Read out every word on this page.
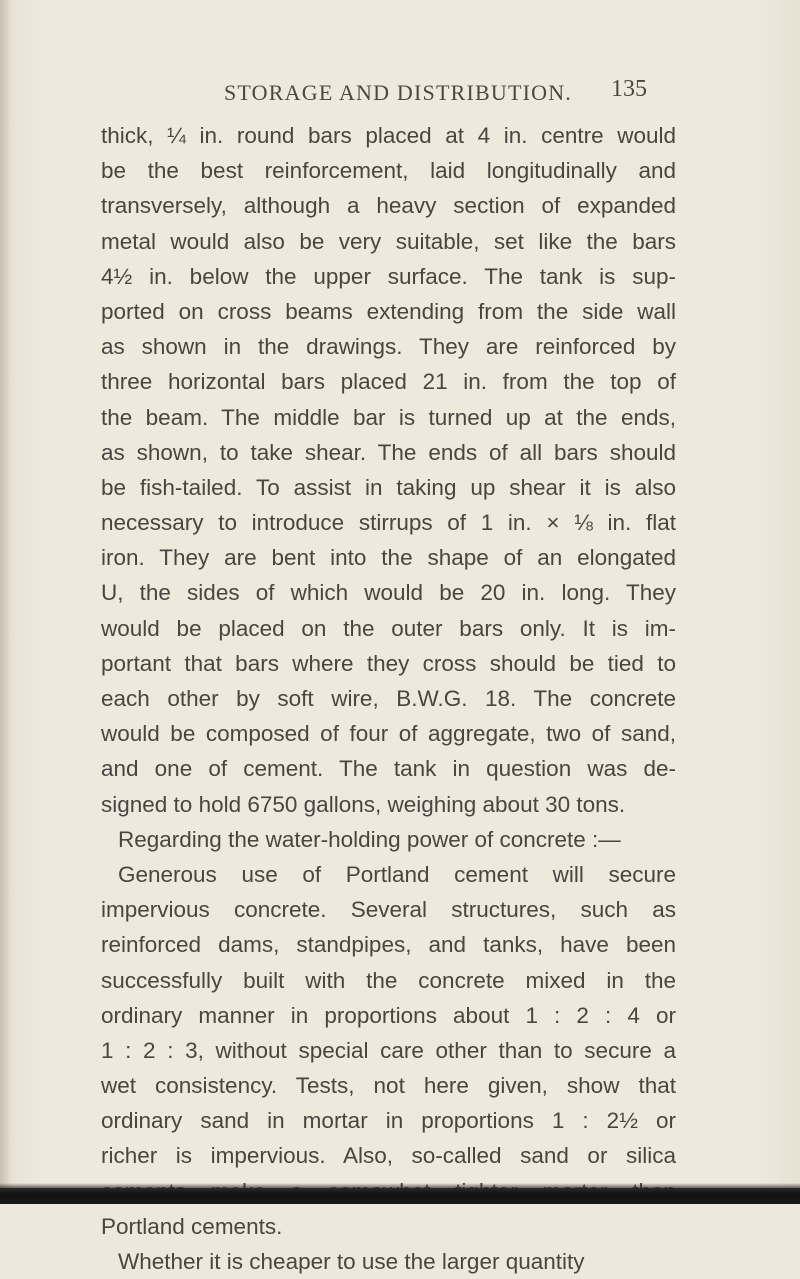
STORAGE AND DISTRIBUTION. 135
thick, ¼ in. round bars placed at 4 in. centre would
be the best reinforcement, laid longitudinally and
transversely, although a heavy section of expanded
metal would also be very suitable, set like the bars
4½ in. below the upper surface. The tank is sup-
ported on cross beams extending from the side wall
as shown in the drawings. They are reinforced by
three horizontal bars placed 21 in. from the top of
the beam. The middle bar is turned up at the ends,
as shown, to take shear. The ends of all bars should
be fish-tailed. To assist in taking up shear it is also
necessary to introduce stirrups of 1 in. × ⅛ in. flat
iron. They are bent into the shape of an elongated
U, the sides of which would be 20 in. long. They
would be placed on the outer bars only. It is im-
portant that bars where they cross should be tied to
each other by soft wire, B.W.G. 18. The concrete
would be composed of four of aggregate, two of sand,
and one of cement. The tank in question was de-
signed to hold 6750 gallons, weighing about 30 tons.
Regarding the water-holding power of concrete :—
Generous use of Portland cement will secure
impervious concrete. Several structures, such as
reinforced dams, standpipes, and tanks, have been
successfully built with the concrete mixed in the
ordinary manner in proportions about 1 : 2 : 4 or
1 : 2 : 3, without special care other than to secure a
wet consistency. Tests, not here given, show that
ordinary sand in mortar in proportions 1 : 2½ or
richer is impervious. Also, so-called sand or silica
Portland cements.
Whether it is cheaper to use the larger quantity
